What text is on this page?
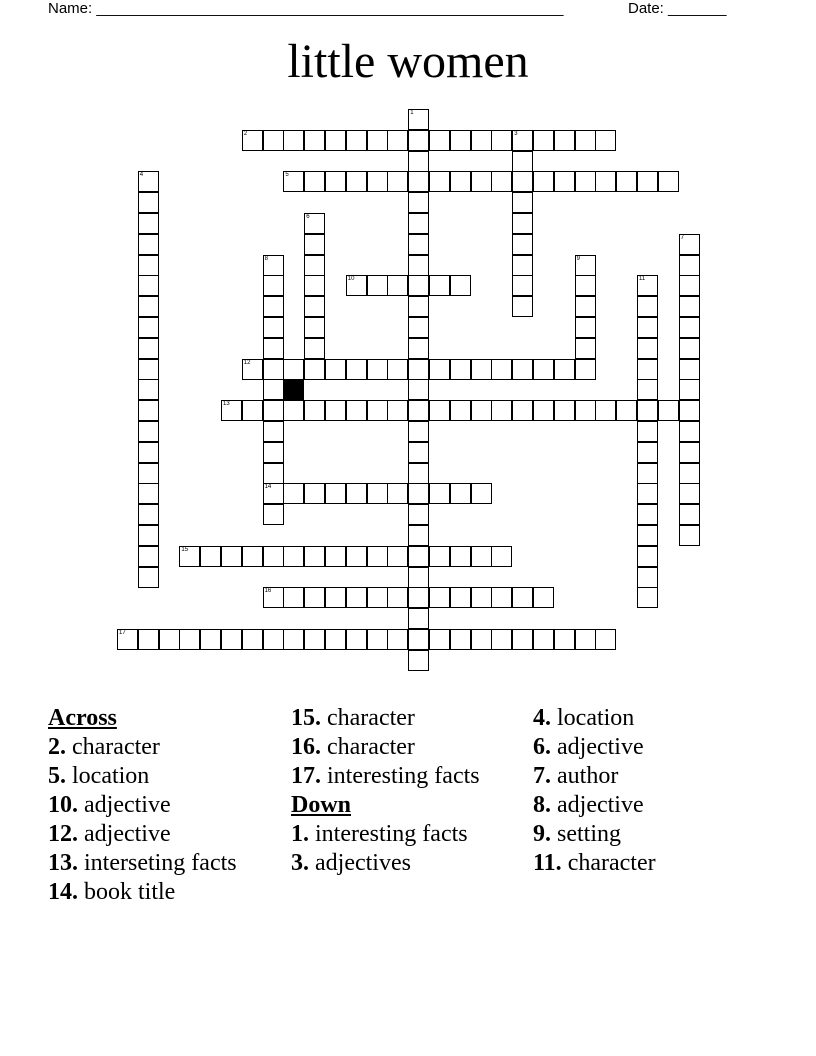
Name: ________________________________________________________	Date: _______
little women
1
2	3
4	5
6
7
8
14
9
10	11
12
13
15
16
17
Across
2. character
5. location
10. adjective
12. adjective
13. interseting facts
14. book title
15. character
16. character
17. interesting facts
Down
1. interesting facts
3. adjectives
4. location
6. adjective
7. author
8. adjective
9. setting
11. character
